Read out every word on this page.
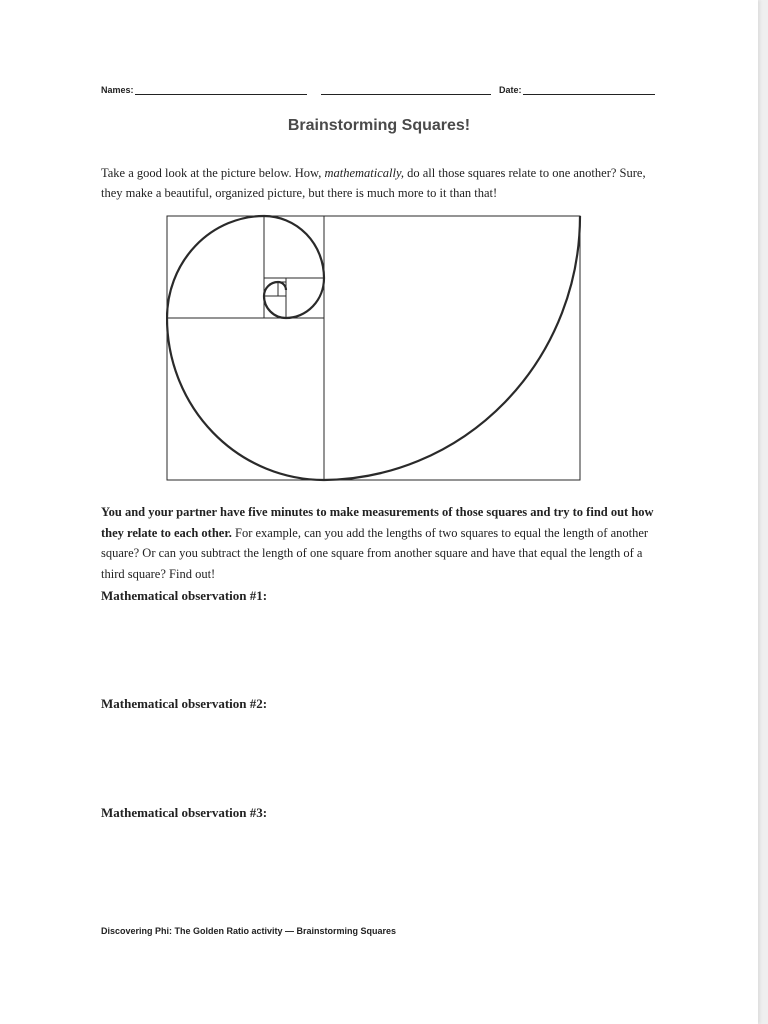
Names:	Date:
Brainstorming Squares!

Take a good look at the picture below. How, mathematically, do all those squares relate to one another? Sure, they make a beautiful, organized picture, but there is much more to it than that!

You and your partner have five minutes to make measurements of those squares and try to find out how they relate to each other. For example, can you add the lengths of two squares to equal the length of another square? Or can you subtract the length of one square from another square and have that equal the length of a third square? Find out!

Mathematical observation #1:

Mathematical observation #2:

Mathematical observation #3:

Discovering Phi: The Golden Ratio activity — Brainstorming Squares
